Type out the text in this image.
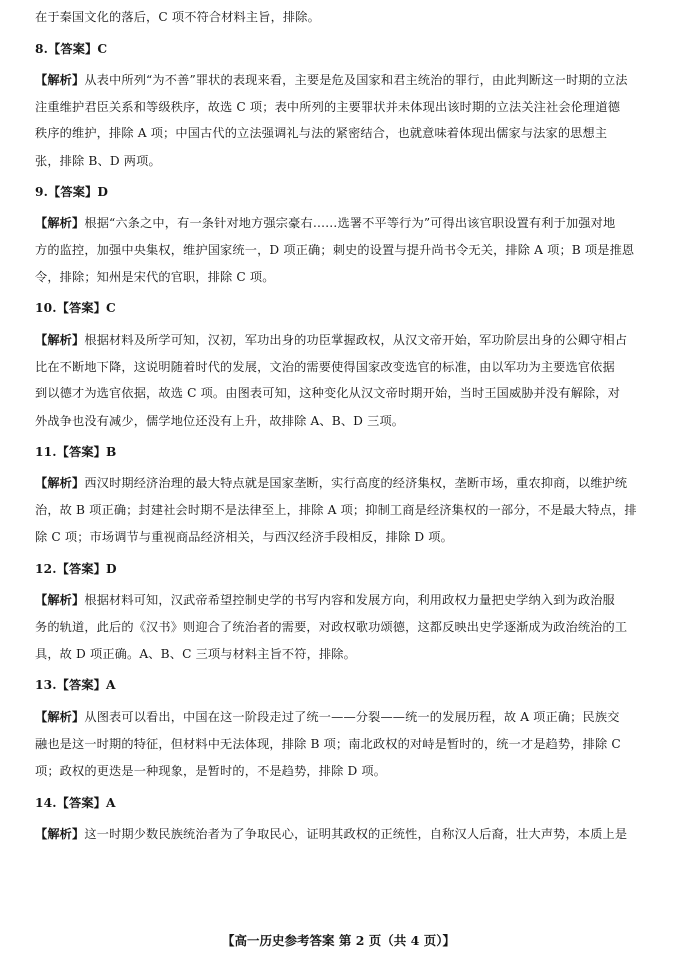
在于秦国文化的落后，C 项不符合材料主旨，排除。
8.【答案】C
【解析】从表中所列“为不善”罪状的表现来看，主要是危及国家和君主统治的罪行，由此判断这一时期的立法
注重维护君臣关系和等级秩序，故选 C 项；表中所列的主要罪状并未体现出该时期的立法关注社会伦理道德
秩序的维护，排除 A 项；中国古代的立法强调礼与法的紧密结合，也就意味着体现出儒家与法家的思想主
张，排除 B、D 两项。
9.【答案】D
【解析】根据“六条之中，有一条针对地方强宗豪右……选署不平等行为”可得出该官职设置有利于加强对地
方的监控，加强中央集权，维护国家统一，D 项正确；刺史的设置与提升尚书令无关，排除 A 项；B 项是推恩
令，排除；知州是宋代的官职，排除 C 项。
10.【答案】C
【解析】根据材料及所学可知，汉初，军功出身的功臣掌握政权，从汉文帝开始，军功阶层出身的公卿守相占
比在不断地下降，这说明随着时代的发展，文治的需要使得国家改变选官的标准，由以军功为主要选官依据
到以德才为选官依据，故选 C 项。由图表可知，这种变化从汉文帝时期开始，当时王国威胁并没有解除，对
外战争也没有减少，儒学地位还没有上升，故排除 A、B、D 三项。
11.【答案】B
【解析】西汉时期经济治理的最大特点就是国家垄断，实行高度的经济集权，垄断市场，重农抑商，以维护统
治，故 B 项正确；封建社会时期不是法律至上，排除 A 项；抑制工商是经济集权的一部分，不是最大特点，排
除 C 项；市场调节与重视商品经济相关，与西汉经济手段相反，排除 D 项。
12.【答案】D
【解析】根据材料可知，汉武帝希望控制史学的书写内容和发展方向，利用政权力量把史学纳入到为政治服
务的轨道，此后的《汉书》则迎合了统治者的需要，对政权歌功颂德，这都反映出史学逐渐成为政治统治的工
具，故 D 项正确。A、B、C 三项与材料主旨不符，排除。
13.【答案】A
【解析】从图表可以看出，中国在这一阶段走过了统一——分裂——统一的发展历程，故 A 项正确；民族交
融也是这一时期的特征，但材料中无法体现，排除 B 项；南北政权的对峙是暂时的，统一才是趋势，排除 C
项；政权的更迭是一种现象，是暂时的，不是趋势，排除 D 项。
14.【答案】A
【解析】这一时期少数民族统治者为了争取民心，证明其政权的正统性，自称汉人后裔，壮大声势，本质上是
【高一历史参考答案 第 2 页（共 4 页）】
